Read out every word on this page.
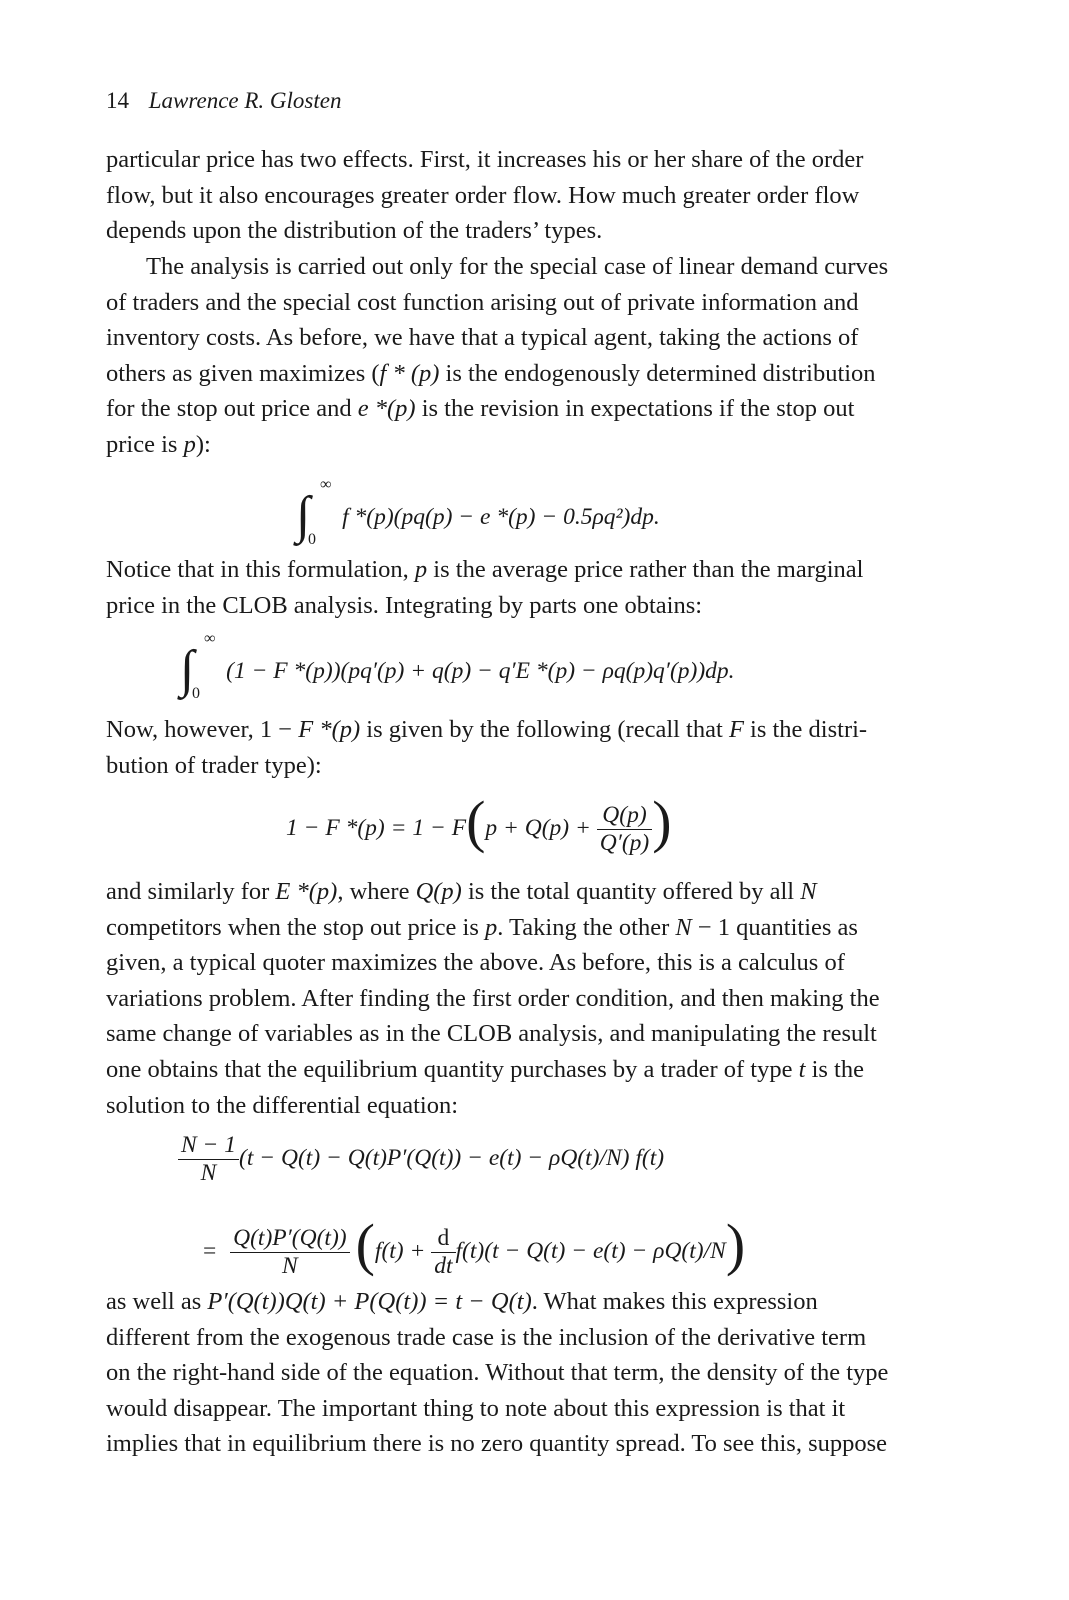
14 Lawrence R. Glosten

particular price has two effects. First, it increases his or her share of the order

flow, but it also encourages greater order flow. How much greater order flow

depends upon the distribution of the traders’ types.

The analysis is carried out only for the special case of linear demand curves

of traders and the special cost function arising out of private information and

inventory costs. As before, we have that a typical agent, taking the actions of

others as given maximizes (f * (p) is the endogenously determined distribution

for the stop out price and e *(p) is the revision in expectations if the stop out

price is p):

∫
∞
0
f *(p)(pq(p) − e *(p) − 0.5ρq²)dp.

Notice that in this formulation, p is the average price rather than the marginal

price in the CLOB analysis. Integrating by parts one obtains:

∫
∞
0
(1 − F *(p))(pq′(p) + q(p) − q′E *(p) − ρq(p)q′(p))dp.

Now, however, 1 − F *(p) is given by the following (recall that F is the distri-

bution of trader type):

1 − F $*(p) = 1 - F(p + Q(p) + \frac{Q(p)}{Q'(p)}$ )

and similarly for E *(p), where Q(p) is the total quantity offered by all N

competitors when the stop out price is p. Taking the other N − 1 quantities as

given, a typical quoter maximizes the above. As before, this is a calculus of

variations problem. After finding the first order condition, and then making the

same change of variables as in the CLOB analysis, and manipulating the result

one obtains that the equilibrium quantity purchases by a trader of type t is the

solution to the differential equation:

$\frac{N - 1}{N} (t - Q(t) - Q(t)P'(Q(t)) - e(t) - \rho Q(t)/N)$ f(t)
= $\frac{Q(t)P'(Q(t))}{N} (f(t) + \frac{d}{dt} f(t)(t - Q(t) - e(t) - \rho Q(t)/N)$

as well as P′(Q(t))Q(t) + P(Q(t)) = t − Q(t). What makes this expression

different from the exogenous trade case is the inclusion of the derivative term

on the right-hand side of the equation. Without that term, the density of the type

would disappear. The important thing to note about this expression is that it

implies that in equilibrium there is no zero quantity spread. To see this, suppose
